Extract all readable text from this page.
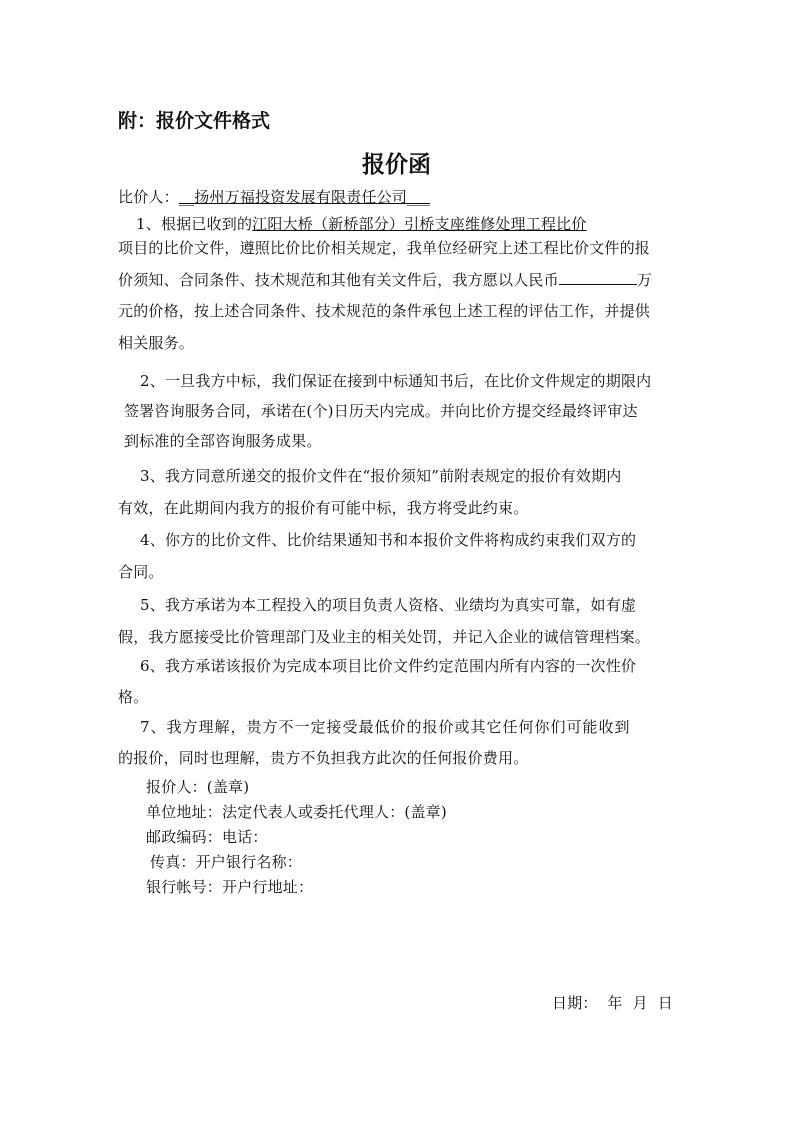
附：报价文件格式
报价函
比价人：__扬州万福投资发展有限责任公司___
1、根据已收到的江阳大桥（新桥部分）引桥支座维修处理工程比价
项目的比价文件，遵照比价比价相关规定，我单位经研究上述工程比价文件的报
价须知、合同条件、技术规范和其他有关文件后，我方愿以人民币	万
元的价格，按上述合同条件、技术规范的条件承包上述工程的评估工作，并提供
相关服务。
2、一旦我方中标，我们保证在接到中标通知书后，在比价文件规定的期限内
签署咨询服务合同，承诺在(个)日历天内完成。并向比价方提交经最终评审达
到标准的全部咨询服务成果。
3、我方同意所递交的报价文件在“报价须知”前附表规定的报价有效期内
有效，在此期间内我方的报价有可能中标，我方将受此约束。
4、你方的比价文件、比价结果通知书和本报价文件将构成约束我们双方的
合同。
5、我方承诺为本工程投入的项目负责人资格、业绩均为真实可靠，如有虚
假，我方愿接受比价管理部门及业主的相关处罚，并记入企业的诚信管理档案。
6、我方承诺该报价为完成本项目比价文件约定范围内所有内容的一次性价
格。
7、我方理解，贵方不一定接受最低价的报价或其它任何你们可能收到
的报价，同时也理解，贵方不负担我方此次的任何报价费用。
报价人：(盖章)
单位地址：法定代表人或委托代理人：(盖章)
邮政编码：电话：
传真：开户银行名称：
银行帐号：开户行地址：
日期：  年  月  日
